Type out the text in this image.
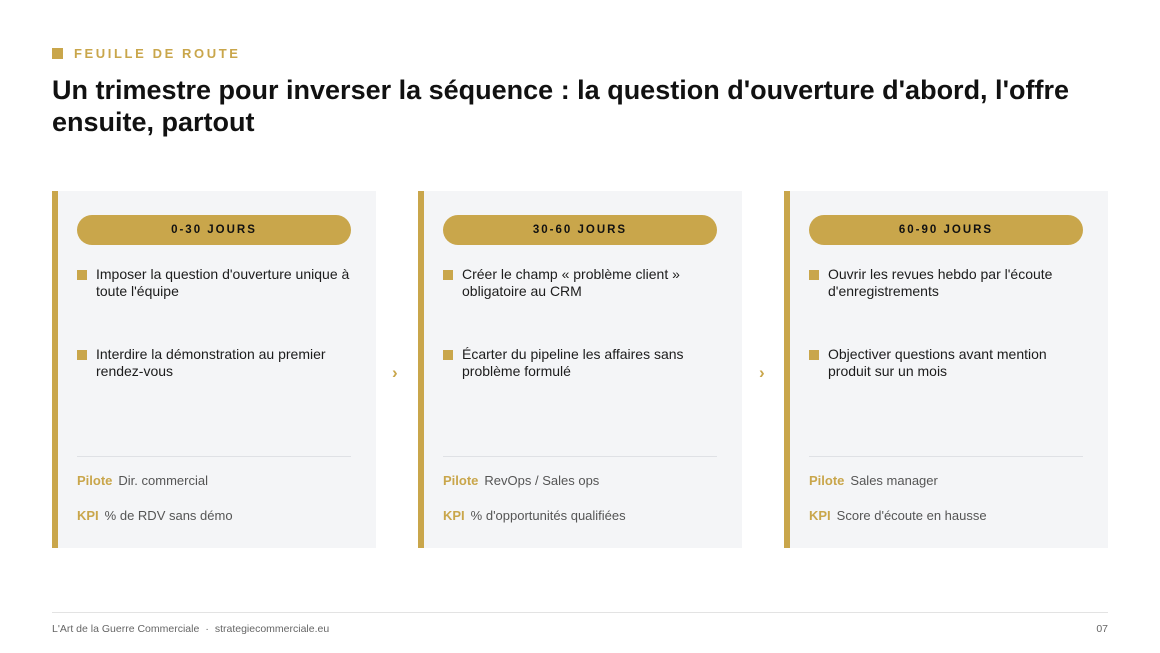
FEUILLE DE ROUTE
Un trimestre pour inverser la séquence : la question d'ouverture d'abord, l'offre ensuite, partout
0-30 JOURS
Imposer la question d'ouverture unique à toute l'équipe
Interdire la démonstration au premier rendez-vous
Pilote Dir. commercial
KPI % de RDV sans démo
›
30-60 JOURS
Créer le champ « problème client » obligatoire au CRM
Écarter du pipeline les affaires sans problème formulé
Pilote RevOps / Sales ops
KPI % d'opportunités qualifiées
›
60-90 JOURS
Ouvrir les revues hebdo par l'écoute d'enregistrements
Objectiver questions avant mention produit sur un mois
Pilote Sales manager
KPI Score d'écoute en hausse
L'Art de la Guerre Commerciale · strategiecommerciale.eu	07
